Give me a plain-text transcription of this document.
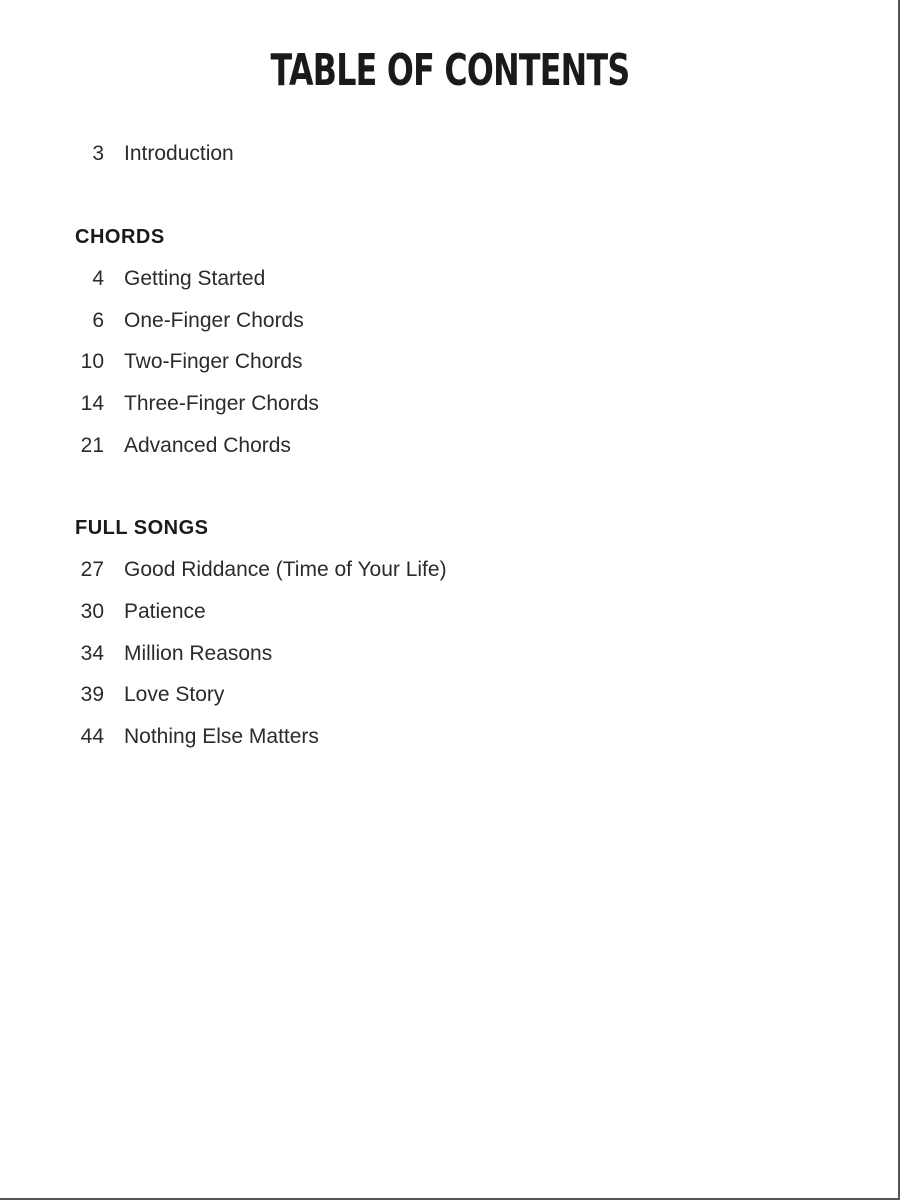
TABLE OF CONTENTS
3 Introduction
CHORDS
4 Getting Started
6 One-Finger Chords
10 Two-Finger Chords
14 Three-Finger Chords
21 Advanced Chords
FULL SONGS
27 Good Riddance (Time of Your Life)
30 Patience
34 Million Reasons
39 Love Story
44 Nothing Else Matters
